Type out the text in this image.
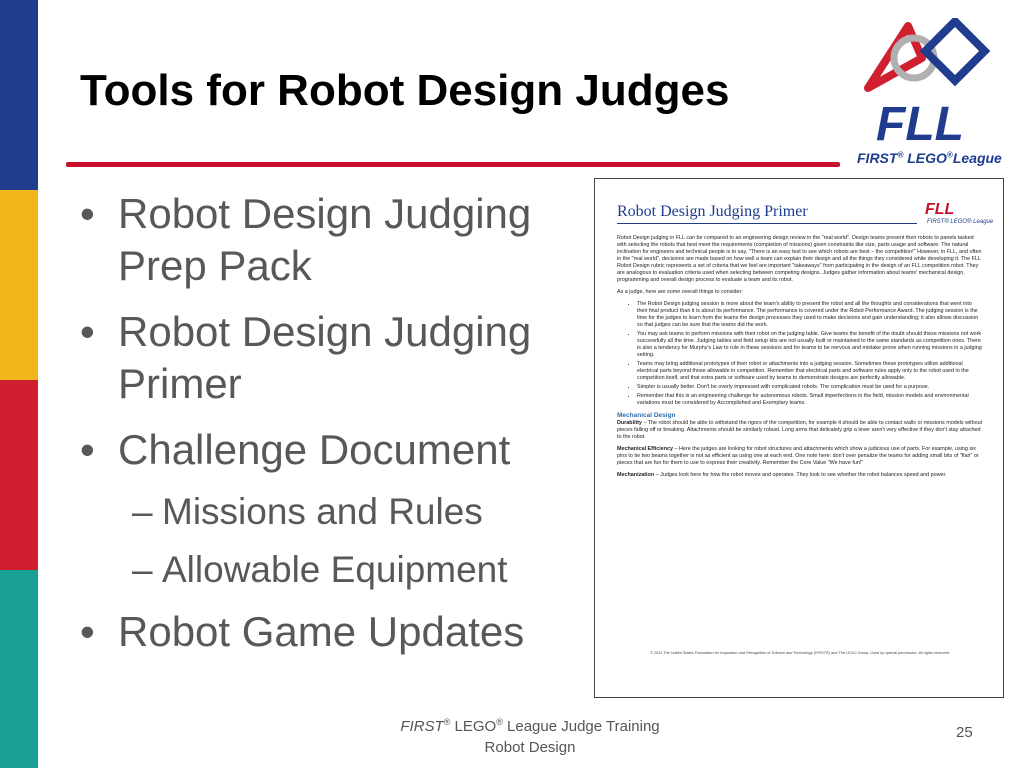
Tools for Robot Design Judges
FLL
FIRST® LEGO®League
• Robot Design Judging Prep Pack
• Robot Design Judging Primer
• Challenge Document
– Missions and Rules
– Allowable Equipment
• Robot Game Updates
Robot Design Judging Primer	FLL
FIRST® LEGO® League

Robot Design judging in FLL can be compared to an engineering design review in the "real world". Design teams present their robots to panels tasked with selecting the robots that best meet the requirements (completion of missions) given constraints like size, parts usage and software. The natural inclination for engineers and technical people is to say, "There is an easy test to see which robots are best – the competition!" However, in FLL, and often in the "real world", decisions are made based on how well a team can explain their design and all the things they considered while developing it. The FLL Robot Design rubric represents a set of criteria that we feel are important "takeaways" from participating in the design of an FLL competition robot. They are analogous to evaluation criteria used when selecting between competing designs. Judges gather information about teams' mechanical design, programming and overall design process to evaluate a team and its robot.

As a judge, here are some overall things to consider:

• The Robot Design judging session is more about the team's ability to present the robot and all the thoughts and considerations that went into their final product than it is about its performance. The performance is covered under the Robot Performance Award. The judging session is the time for the judges to learn from the teams the design processes they used to make decisions and gain understanding; it also allows discussion so that judges can be sure that the teams did the work.
• You may ask teams to perform missions with their robot on the judging table. Give teams the benefit of the doubt should these missions not work successfully all the time. Judging tables and field setup kits are not usually built or maintained to the same standards as competition ones. There is also a tendency for Murphy's Law to rule in these sessions and for teams to be nervous and mistake prone when running missions in a judging setting.
• Teams may bring additional prototypes of their robot or attachments into a judging session. Sometimes these prototypes utilize additional electrical parts beyond those allowable in competition. Remember that electrical parts and software rules apply only to the robot used in the competition itself, and that extra parts or software used by teams to demonstrate designs are perfectly allowable.
• Simpler is usually better. Don't be overly impressed with complicated robots. The complication must be used for a purpose.
• Remember that this is an engineering challenge for autonomous robots. Small imperfections in the field, mission models and environmental variations must be considered by Accomplished and Exemplary teams.
Mechanical Design

Durability – The robot should be able to withstand the rigors of the competition, for example it should be able to contact walls or missions models without pieces falling off or breaking. Attachments should be similarly robust. Long arms that delicately grip a lever aren't very effective if they don't stay attached to the robot.

Mechanical Efficiency – Here the judges are looking for robot structures and attachments which show a judicious use of parts. For example, using six pins to tie two beams together is not as efficient as using one at each end. One note here: don't over penalize the teams for adding small bits of "flair" or pieces that are fun for them to use to express their creativity. Remember the Core Value "We have fun!"

Mechanization – Judges look here for how the robot moves and operates. They look to see whether the robot balances speed and power.

© 2011 The United States Foundation for Inspiration and Recognition of Science and Technology (FIRST®) and The LEGO Group. Used by special permission. All rights reserved.
FIRST® LEGO® League Judge Training
Robot Design
25
